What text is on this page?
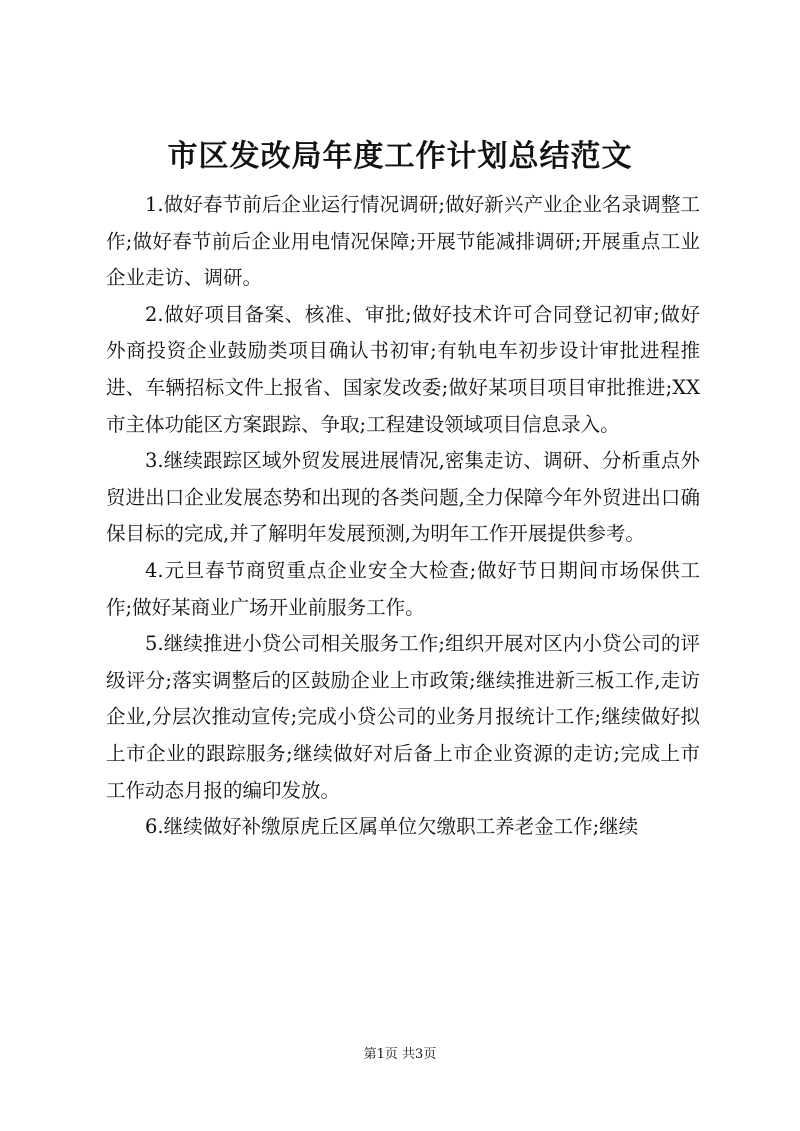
市区发改局年度工作计划总结范文

1.做好春节前后企业运行情况调研;做好新兴产业企业名录调整工作;做好春节前后企业用电情况保障;开展节能减排调研;开展重点工业企业走访、调研。

2.做好项目备案、核准、审批;做好技术许可合同登记初审;做好外商投资企业鼓励类项目确认书初审;有轨电车初步设计审批进程推进、车辆招标文件上报省、国家发改委;做好某项目项目审批推进;XX市主体功能区方案跟踪、争取;工程建设领域项目信息录入。

3.继续跟踪区域外贸发展进展情况,密集走访、调研、分析重点外贸进出口企业发展态势和出现的各类问题,全力保障今年外贸进出口确保目标的完成,并了解明年发展预测,为明年工作开展提供参考。

4.元旦春节商贸重点企业安全大检查;做好节日期间市场保供工作;做好某商业广场开业前服务工作。

5.继续推进小贷公司相关服务工作;组织开展对区内小贷公司的评级评分;落实调整后的区鼓励企业上市政策;继续推进新三板工作,走访企业,分层次推动宣传;完成小贷公司的业务月报统计工作;继续做好拟上市企业的跟踪服务;继续做好对后备上市企业资源的走访;完成上市工作动态月报的编印发放。

6.继续做好补缴原虎丘区属单位欠缴职工养老金工作;继续

第1页 共3页
